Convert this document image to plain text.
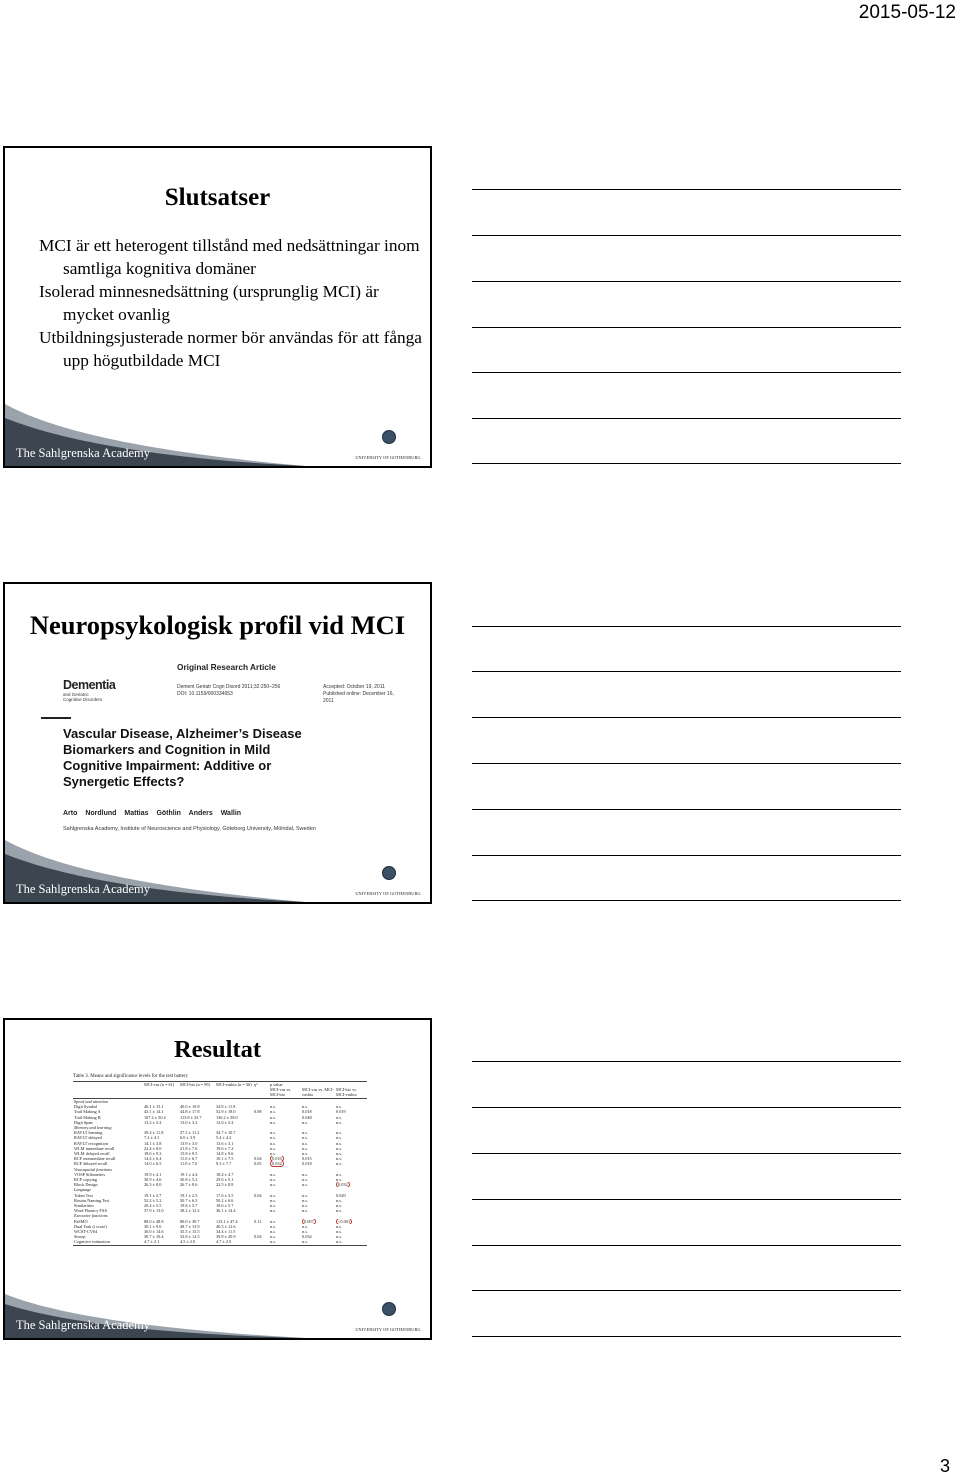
2015-05-12
Slutsatser
MCI är ett heterogent tillstånd med nedsättningar inom samtliga kognitiva domäner
Isolerad minnesnedsättning (ursprunglig MCI) är mycket ovanlig
Utbildningsjusterade normer bör användas för att fånga upp högutbildade MCI
The Sahlgrenska Academy	UNIVERSITY OF GOTHENBURG
Neuropsykologisk profil vid MCI
Original Research Article
Dementia
and Geriatric
Cognitive Disorders
Dement Geriatr Cogn Disord 2011;32:250–256
DOI: 10.1159/000334653
Accepted: October 19, 2011
Published online: December 16, 2011
Vascular Disease, Alzheimer’s Disease Biomarkers and Cognition in Mild Cognitive Impairment: Additive or Synergetic Effects?
Arto Nordlund Mattias Göthlin Anders Wallin
Sahlgrenska Academy, Institute of Neuroscience and Physiology, Göteborg University, Mölndal, Sweden
The Sahlgrenska Academy	UNIVERSITY OF GOTHENBURG
Resultat
Table 3. Means and significance levels for the test battery
	MCI-vas (n = 61)	MCI-bio (n = 99)	MCI-vasbio (n = 56)	η²	p value		
					MCI-vas vs. MCI-bio	MCI-vas vs. MCI-vasbio	MCI-bio vs. MCI-vasbio
Speed and attention							
Digit Symbol	40.1 ± 15.1	40.0 ± 10.8	34.8 ± 11.8		n.s.	n.s.	n.s.
Trail Making A	43.1 ± 14.1	44.8 ± 17.8	52.9 ± 18.0	0.08	n.s.	0.018	0.019
Trail Making B	107.2 ± 50.4	113.8 ± 33.7	136.2 ± 58.0		n.s.	0.048	n.s.
Digit Span	13.2 ± 3.2	13.0 ± 3.2	12.6 ± 3.2		n.s.	n.s.	n.s.
Memory and learning							
RAVLT learning	39.4 ± 11.8	37.5 ± 11.2	34.7 ± 10.7		n.s.	n.s.	n.s.
RAVLT delayed	7.2 ± 4.1	6.0 ± 3.9	5.4 ± 4.2		n.s.	n.s.	n.s.
RAVLT recognition	14.1 ± 3.8	13.9 ± 3.0	13.6 ± 3.1		n.s.	n.s.	n.s.
WLM immediate recall	22.4 ± 8.0	21.8 ± 7.6	19.6 ± 7.2		n.s.	n.s.	n.s.
WLM delayed recall	18.6 ± 9.3	15.8 ± 9.5	14.8 ± 9.6		n.s.	n.s.	n.s.
RCF intermediate recall	14.4 ± 6.4	11.0 ± 6.7	10.1 ± 7.5	0.04	0.016	0.015	n.s.
RCF delayed recall	14.0 ± 6.5	11.0 ± 7.0	9.3 ± 7.7	0.05	0.032	0.018	n.s.
Visuospatial functions							
VOSP Silhouettes	19.9 ± 4.1	19.1 ± 4.4	18.4 ± 4.7		n.s.	n.s.	n.s.
RCF copying	30.9 ± 4.6	30.8 ± 5.2	29.6 ± 5.1		n.s.	n.s.	n.s.
Block Design	26.3 ± 8.0	26.7 ± 8.6	22.5 ± 8.8		n.s.	n.s.	0.032
Language							
Token Test	19.1 ± 2.7	19.1 ± 2.5	17.6 ± 3.5	0.04	n.s.	n.s.	0.020
Boston Naming Test	52.2 ± 5.2	50.7 ± 6.5	50.2 ± 6.6		n.s.	n.s.	n.s.
Similarities	20.4 ± 5.5	19.8 ± 5.7	18.6 ± 5.7		n.s.	n.s.	n.s.
Word Fluency FAS	37.9 ± 13.0	38.2 ± 12.2	36.1 ± 14.4		n.s.	n.s.	n.s.
Executive functions							
PaSMO	88.0 ± 48.8	80.0 ± 39.7	113.1 ± 47.4	0.11	n.s.	0.007	<0.001
Dual Task (t score)	30.1 ± 9.6	48.7 ± 13.9	40.3 ± 12.6		n.s.	n.s.	n.s.
WCST-CV64	30.0 ± 14.6	35.5 ± 15.5	34.4 ± 11.5		n.s.	n.s.	n.s.
Stroop	30.7 ± 10.4	33.8 ± 12.5	39.8 ± 20.9	0.04	n.s.	0.034	n.s.
Cognitive estimation	4.7 ± 2.1	4.5 ± 2.0	4.7 ± 2.0		n.s.	n.s.	n.s.
The Sahlgrenska Academy	UNIVERSITY OF GOTHENBURG
3
